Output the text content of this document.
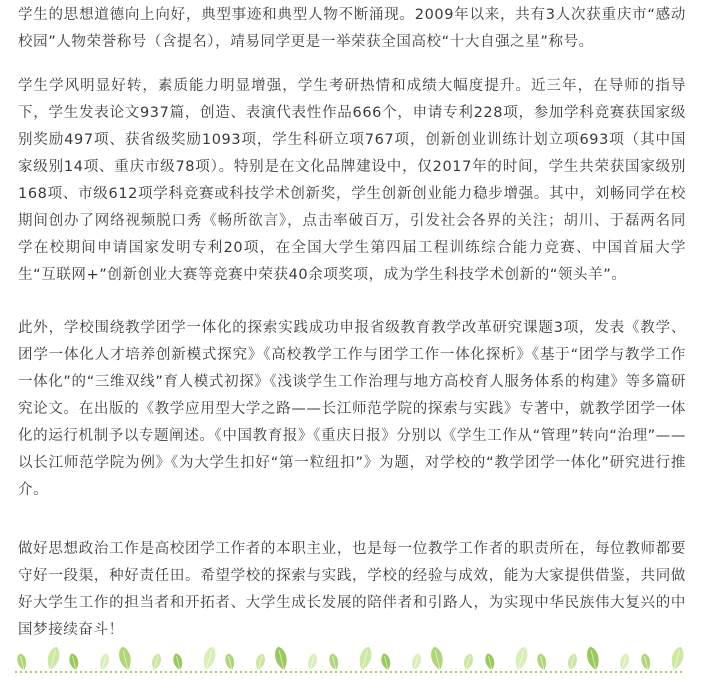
学生的思想道德向上向好，典型事迹和典型人物不断涌现。2009年以来，共有3人次获重庆市“感动校园”人物荣誉称号（含提名），靖易同学更是一举荣获全国高校“十大自强之星”称号。

学生学风明显好转，素质能力明显增强，学生考研热情和成绩大幅度提升。近三年，在导师的指导下，学生发表论文937篇，创造、表演代表性作品666个，申请专利228项，参加学科竞赛获国家级别奖励497项、获省级奖励1093项，学生科研立项767项，创新创业训练计划立项693项（其中国家级别14项、重庆市级78项）。特别是在文化品牌建设中，仅2017年的时间，学生共荣获国家级别168项、市级612项学科竞赛或科技学术创新奖，学生创新创业能力稳步增强。其中，刘畅同学在校期间创办了网络视频脱口秀《畅所欲言》，点击率破百万，引发社会各界的关注；胡川、于磊两名同学在校期间申请国家发明专利20项，在全国大学生第四届工程训练综合能力竞赛、中国首届大学生“互联网+”创新创业大赛等竞赛中荣获40余项奖项，成为学生科技学术创新的“领头羊”。

此外，学校围绕教学团学一体化的探索实践成功申报省级教育教学改革研究课题3项，发表《教学、团学一体化人才培养创新模式探究》《高校教学工作与团学工作一体化探析》《基于“团学与教学工作一体化”的“三维双线”育人模式初探》《浅谈学生工作治理与地方高校育人服务体系的构建》等多篇研究论文。在出版的《教学应用型大学之路——长江师范学院的探索与实践》专著中，就教学团学一体化的运行机制予以专题阐述。《中国教育报》《重庆日报》分别以《学生工作从“管理”转向“治理”——以长江师范学院为例》《为大学生扣好“第一粒纽扣”》为题，对学校的“教学团学一体化”研究进行推介。

做好思想政治工作是高校团学工作者的本职主业，也是每一位教学工作者的职责所在，每位教师都要守好一段渠，种好责任田。希望学校的探索与实践，学校的经验与成效，能为大家提供借鉴，共同做好大学生工作的担当者和开拓者、大学生成长发展的陪伴者和引路人，为实现中华民族伟大复兴的中国梦接续奋斗！
